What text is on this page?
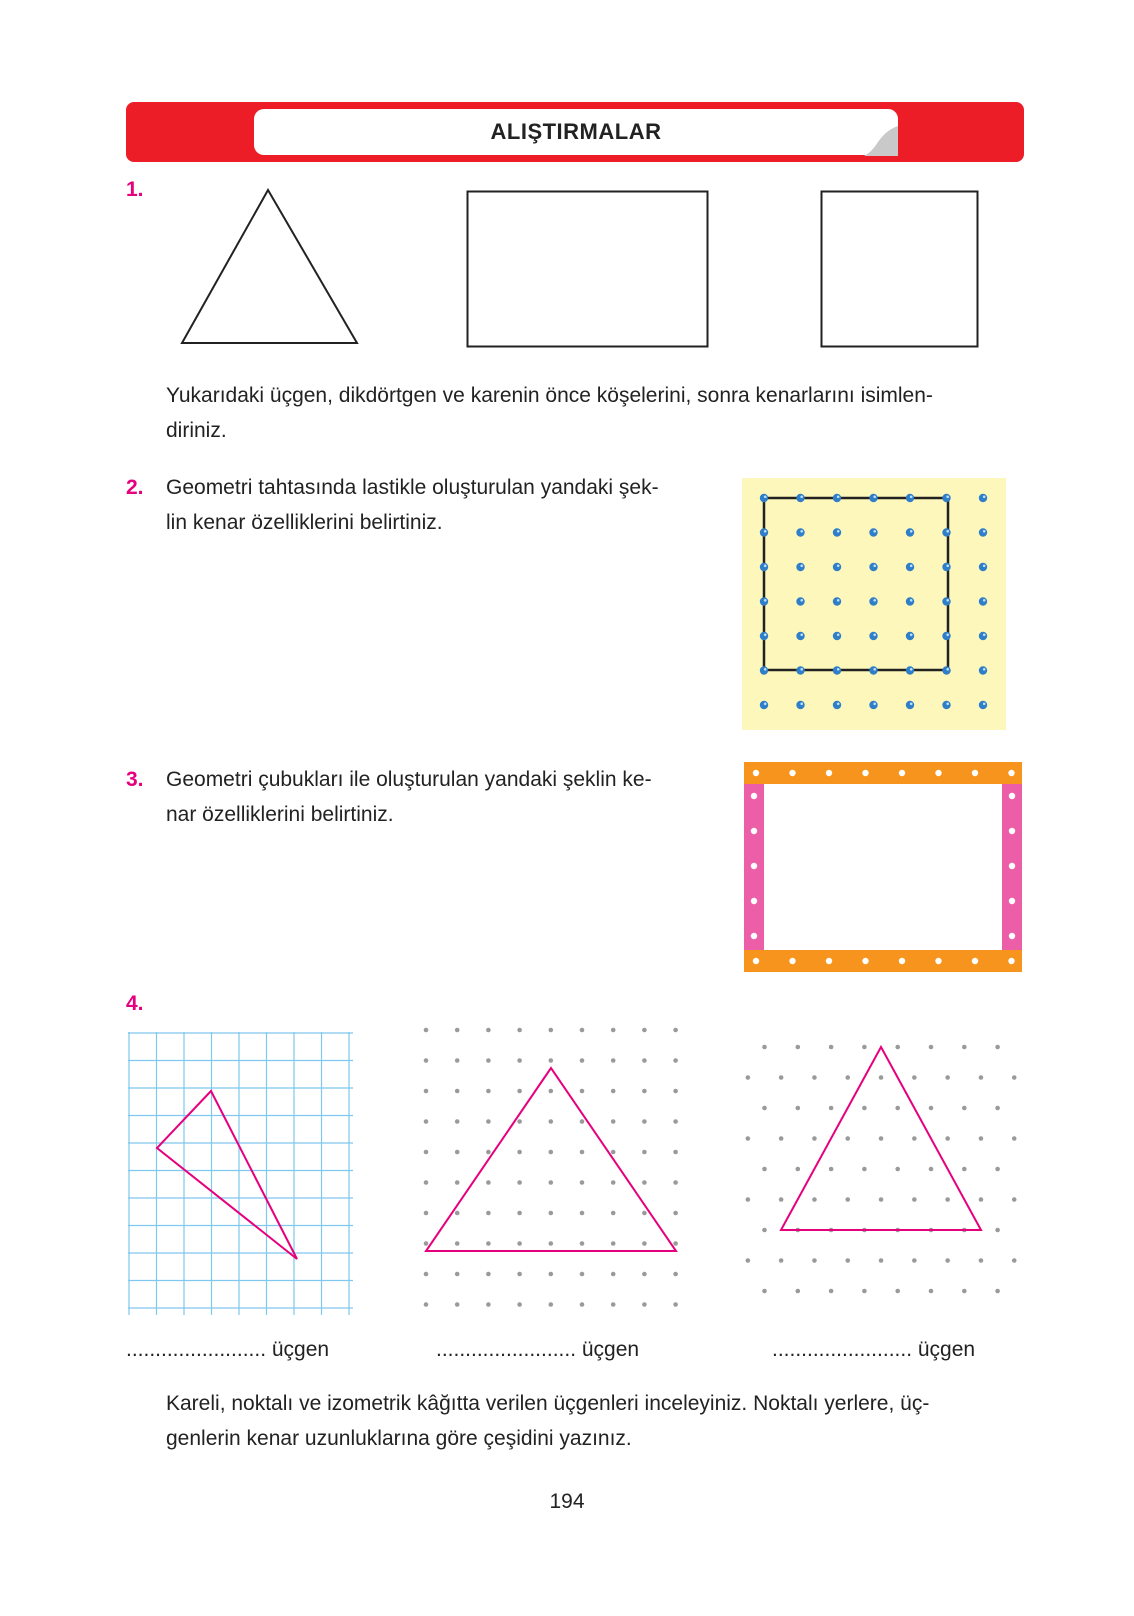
ALIŞTIRMALAR
1.
Yukarıdaki üçgen, dikdörtgen ve karenin önce köşelerini, sonra kenarlarını isimlen-
diriniz.
2. Geometri tahtasında lastikle oluşturulan yandaki şek-
lin kenar özelliklerini belirtiniz.
3. Geometri çubukları ile oluşturulan yandaki şeklin ke-
nar özelliklerini belirtiniz.
4.
........................ üçgen	........................ üçgen	........................ üçgen
Kareli, noktalı ve izometrik kâğıtta verilen üçgenleri inceleyiniz. Noktalı yerlere, üç-
genlerin kenar uzunluklarına göre çeşidini yazınız.
194
